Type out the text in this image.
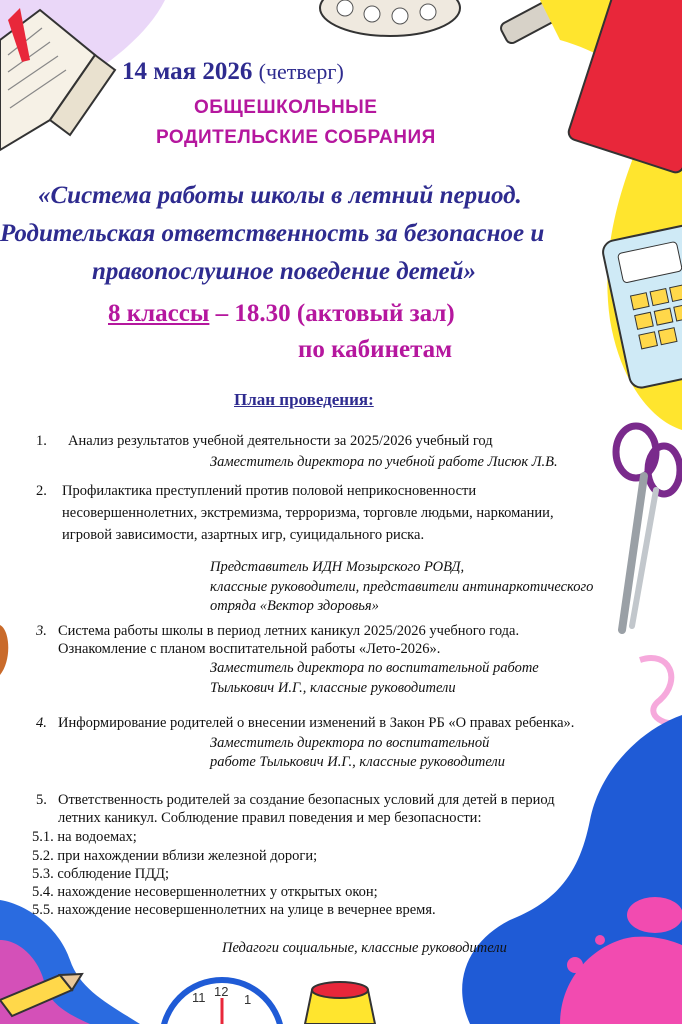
11 12
1
14 мая 2026 (четверг)
ОБЩЕШКОЛЬНЫЕ
РОДИТЕЛЬСКИЕ СОБРАНИЯ
«Система работы школы в летний период.
Родительская ответственность за безопасное и
правопослушное поведение детей»
8 классы – 18.30 (актовый зал)
по кабинетам
План проведения:
1. Анализ результатов учебной деятельности за 2025/2026 учебный год
Заместитель директора по учебной работе Лисюк Л.В.
2. Профилактика преступлений против половой неприкосновенности
несовершеннолетних, экстремизма, терроризма, торговле людьми, наркомании,
игровой зависимости, азартных игр, суицидального риска.
Представитель ИДН Мозырского РОВД,
классные руководители, представители антинаркотического
отряда «Вектор здоровья»
3. Система работы школы в период летних каникул 2025/2026 учебного года.
Ознакомление с планом воспитательной работы «Лето-2026».
Заместитель директора по воспитательной работе
Тылькович И.Г., классные руководители
4. Информирование родителей о внесении изменений в Закон РБ «О правах ребенка».
Заместитель директора по воспитательной
работе Тылькович И.Г., классные руководители
5. Ответственность родителей за создание безопасных условий для детей в период
летних каникул. Соблюдение правил поведения и мер безопасности:
5.1. на водоемах;
5.2. при нахождении вблизи железной дороги;
5.3. соблюдение ПДД;
5.4. нахождение несовершеннолетних у открытых окон;
5.5. нахождение несовершеннолетних на улице в вечернее время.
Педагоги социальные, классные руководители
